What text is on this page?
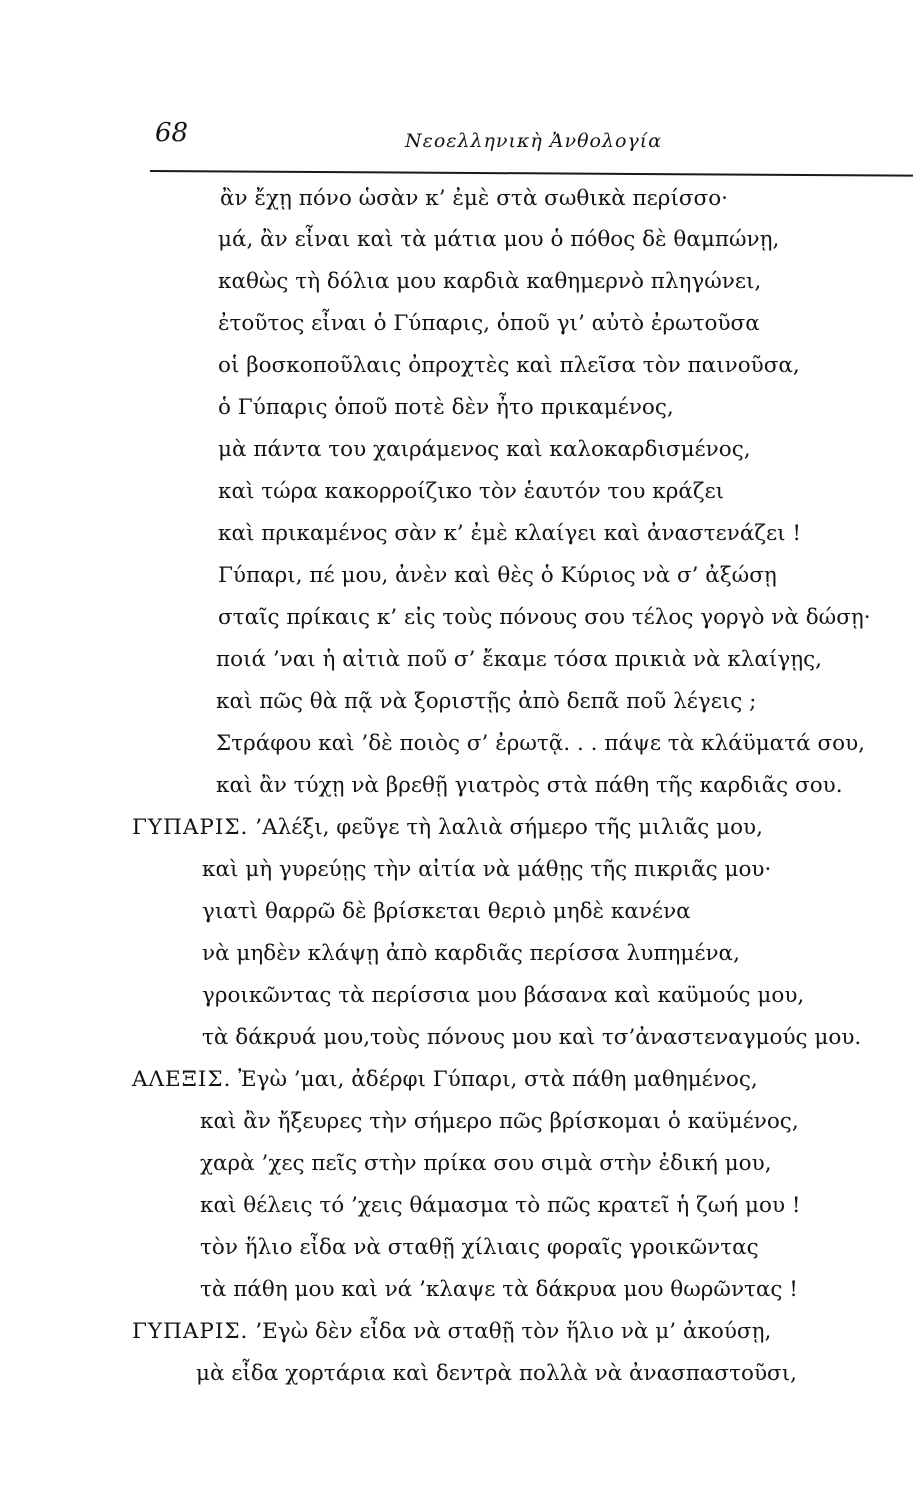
68	Νεοελληνικὴ Ἀνθολογία
ἂν ἔχῃ πόνο ὡσὰν κ’ ἐμὲ στὰ σωθικὰ περίσσο·
μά, ἂν εἶναι καὶ τὰ μάτια μου ὁ πόθος δὲ θαμπώνῃ,
καθὼς τὴ δόλια μου καρδιὰ καθημερνὸ πληγώνει,
ἐτοῦτος εἶναι ὁ Γύπαρις, ὁποῦ γι’ αὐτὸ ἐρωτοῦσα
οἱ βοσκοποῦλαις ὀπροχτὲς καὶ πλεῖσα τὸν παινοῦσα,
ὁ Γύπαρις ὁποῦ ποτὲ δὲν ἦτο πρικαμένος,
μὰ πάντα του χαιράμενος καὶ καλοκαρδισμένος,
καὶ τώρα κακορροίζικο τὸν ἑαυτόν του κράζει
καὶ πρικαμένος σὰν κ’ ἐμὲ κλαίγει καὶ ἀναστενάζει !
Γύπαρι, πέ μου, ἀνὲν καὶ θὲς ὁ Κύριος νὰ σ’ ἀξώσῃ
σταῖς πρίκαις κ’ εἰς τοὺς πόνους σου τέλος γοργὸ νὰ δώσῃ·
ποιά ’ναι ἡ αἰτιὰ ποῦ σ’ ἔκαμε τόσα πρικιὰ νὰ κλαίγῃς,
καὶ πῶς θὰ πᾷ νὰ ξοριστῇς ἀπὸ δεπᾶ ποῦ λέγεις ;
Στράφου καὶ ’δὲ ποιὸς σ’ ἐρωτᾷ. . . πάψε τὰ κλάϋματά σου,
καὶ ἂν τύχῃ νὰ βρεθῇ γιατρὸς στὰ πάθη τῆς καρδιᾶς σου.
ΓΥΠΑΡΙΣ. ’Αλέξι, φεῦγε τὴ λαλιὰ σήμερο τῆς μιλιᾶς μου,
καὶ μὴ γυρεύῃς τὴν αἰτία νὰ μάθῃς τῆς πικριᾶς μου·
γιατὶ θαρρῶ δὲ βρίσκεται θεριὸ μηδὲ κανένα
νὰ μηδὲν κλάψῃ ἀπὸ καρδιᾶς περίσσα λυπημένα,
γροικῶντας τὰ περίσσια μου βάσανα καὶ καϋμούς μου,
τὰ δάκρυά μου,τοὺς πόνους μου καὶ τσ’ἀναστεναγμούς μου.
ΑΛΕΞΙΣ. Ἐγὼ ’μαι, ἀδέρφι Γύπαρι, στὰ πάθη μαθημένος,
καὶ ἂν ἤξευρες τὴν σήμερο πῶς βρίσκομαι ὁ καϋμένος,
χαρὰ ’χες πεῖς στὴν πρίκα σου σιμὰ στὴν ἐδική μου,
καὶ θέλεις τό ’χεις θάμασμα τὸ πῶς κρατεῖ ἡ ζωή μου !
τὸν ἥλιο εἶδα νὰ σταθῇ χίλιαις φοραῖς γροικῶντας
τὰ πάθη μου καὶ νά ’κλαψε τὰ δάκρυα μου θωρῶντας !
ΓΥΠΑΡΙΣ. ’Εγὼ δὲν εἶδα νὰ σταθῇ τὸν ἥλιο νὰ μ’ ἀκούσῃ,
μὰ εἶδα χορτάρια καὶ δεντρὰ πολλὰ νὰ ἀνασπαστοῦσι,
